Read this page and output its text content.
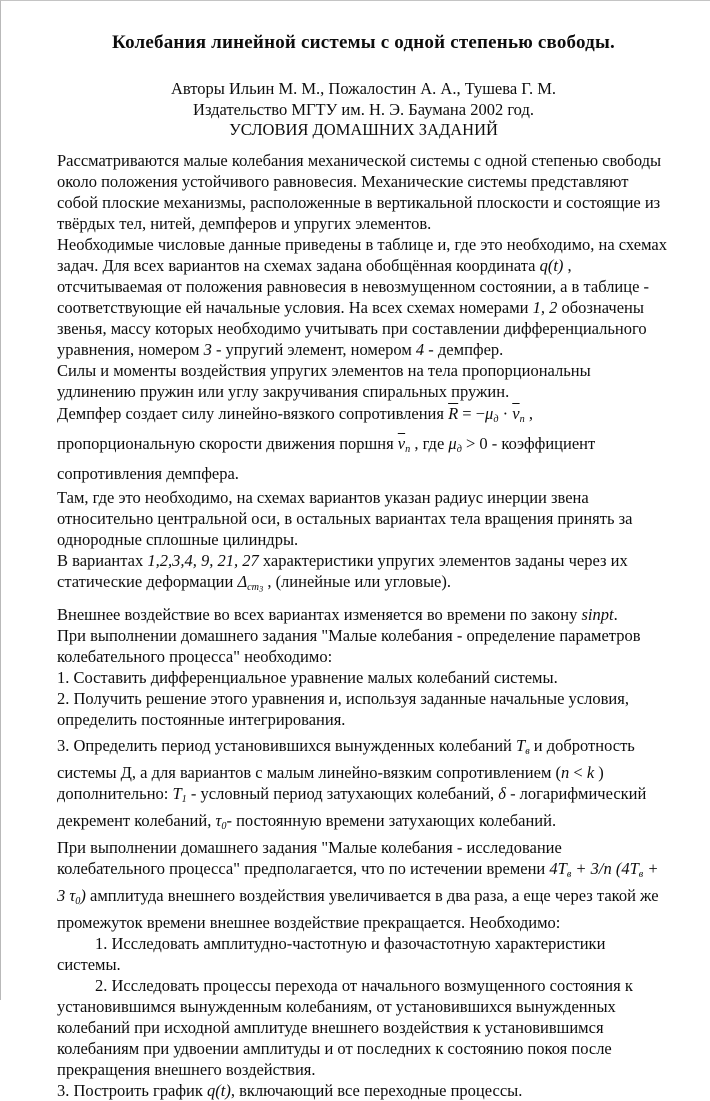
Колебания линейной системы с одной степенью свободы.

Авторы Ильин М. М., Пожалостин А. А., Тушева Г. М.

Издательство МГТУ им. Н. Э. Баумана 2002 год.

УСЛОВИЯ ДОМАШНИХ ЗАДАНИЙ

Рассматриваются малые колебания механической системы с одной степенью свободы около положения устойчивого равновесия. Механические системы представляют собой плоские механизмы, расположенные в вертикальной плоскости и состоящие из твёрдых тел, нитей, демпферов и упругих элементов.

Необходимые числовые данные приведены в таблице и, где это необходимо, на схемах задач. Для всех вариантов на схемах задана обобщённая координата q(t) , отсчитываемая от положения равновесия в невозмущенном состоянии, а в таблице - соответствующие ей начальные условия. На всех схемах номерами 1, 2 обозначены звенья, массу которых необходимо учитывать при составлении дифференциального уравнения, номером 3 - упругий элемент, номером 4 - демпфер.

Силы и моменты воздействия упругих элементов на тела пропорциональны удлинению пружин или углу закручивания спиральных пружин.

Демпфер создает силу линейно-вязкого сопротивления $\overline{R} = -\mu д \cdot \overline{v}п$ , пропорциональную скорости движения поршня $\overline{v}п$ , где μд > 0 - коэффициент сопротивления демпфера.

Там, где это необходимо, на схемах вариантов указан радиус инерции звена относительно центральной оси, в остальных вариантах тела вращения принять за однородные сплошные цилиндры.

В вариантах 1,2,3,4, 9, 21, 27 характеристики упругих элементов заданы через их статические деформации Δст$_3$ , (линейные или угловые).

Внешнее воздействие во всех вариантах изменяется во времени по закону sinpt.

При выполнении домашнего задания "Малые колебания - определение параметров колебательного процесса" необходимо:

1. Составить дифференциальное уравнение малых колебаний системы.

2. Получить решение этого уравнения и, используя заданные начальные условия, определить постоянные интегрирования.

3. Определить период установившихся вынужденных колебаний Tв и добротность системы Д, а для вариантов с малым линейно-вязким сопротивлением (n < k ) дополнительно: T1 - условный период затухающих колебаний, δ - логарифмический декремент колебаний, τ0- постоянную времени затухающих колебаний.

При выполнении домашнего задания "Малые колебания - исследование колебательного процесса" предполагается, что по истечении времени 4Tв + 3/n (4Tв + 3 τ0) амплитуда внешнего воздействия увеличивается в два раза, а еще через такой же промежуток времени внешнее воздействие прекращается. Необходимо:

1. Исследовать амплитудно-частотную и фазочастотную характеристики системы.

2. Исследовать процессы перехода от начального возмущенного состояния к установившимся вынужденным колебаниям, от установившихся вынужденных колебаний при исходной амплитуде внешнего воздействия к установившимся колебаниям при удвоении амплитуды и от последних к состоянию покоя после прекращения внешнего воздействия.

3. Построить график q(t), включающий все переходные процессы.
